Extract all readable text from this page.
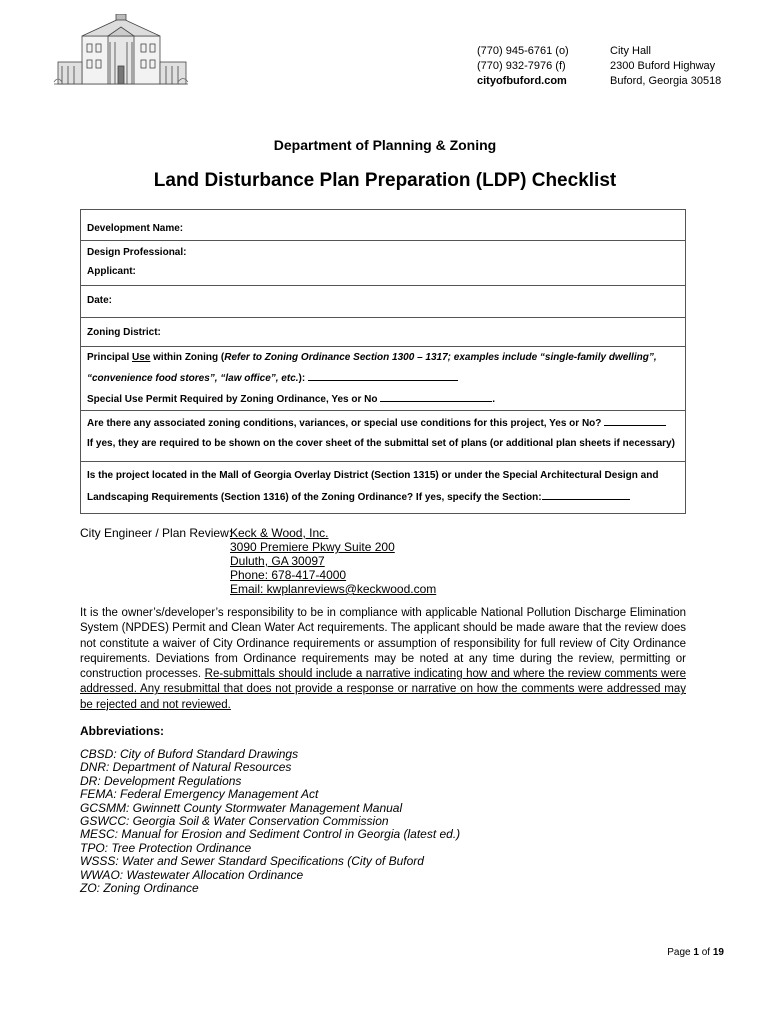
(770) 945-6761 (o)
(770) 932-7976 (f)
cityofbuford.com
City Hall
2300 Buford Highway
Buford, Georgia 30518
Department of Planning & Zoning
Land Disturbance Plan Preparation (LDP) Checklist
Development Name:

Design Professional:
Applicant:

Date:

Zoning District:

Principal Use within Zoning (Refer to Zoning Ordinance Section 1300 – 1317; examples include “single-family dwelling”,
“convenience food stores”, “law office”, etc.):
Special Use Permit Required by Zoning Ordinance, Yes or No	.

Are there any associated zoning conditions, variances, or special use conditions for this project, Yes or No?
If yes, they are required to be shown on the cover sheet of the submittal set of plans (or additional plan sheets if necessary)

Is the project located in the Mall of Georgia Overlay District (Section 1315) or under the Special Architectural Design and
Landscaping Requirements (Section 1316) of the Zoning Ordinance? If yes, specify the Section:
City Engineer / Plan Review:
Keck & Wood, Inc.
3090 Premiere Pkwy Suite 200
Duluth, GA 30097
Phone: 678-417-4000
Email: kwplanreviews@keckwood.com
It is the owner’s/developer’s responsibility to be in compliance with applicable National Pollution Discharge Elimination System (NPDES) Permit and Clean Water Act requirements. The applicant should be made aware that the review does not constitute a waiver of City Ordinance requirements or assumption of responsibility for full review of City Ordinance requirements. Deviations from Ordinance requirements may be noted at any time during the review, permitting or construction processes. Re-submittals should include a narrative indicating how and where the review comments were addressed. Any resubmittal that does not provide a response or narrative on how the comments were addressed may be rejected and not reviewed.
Abbreviations:
CBSD: City of Buford Standard Drawings
DNR: Department of Natural Resources
DR: Development Regulations
FEMA: Federal Emergency Management Act
GCSMM: Gwinnett County Stormwater Management Manual
GSWCC: Georgia Soil & Water Conservation Commission
MESC: Manual for Erosion and Sediment Control in Georgia (latest ed.)
TPO: Tree Protection Ordinance
WSSS: Water and Sewer Standard Specifications (City of Buford
WWAO: Wastewater Allocation Ordinance
ZO: Zoning Ordinance
Page 1 of 19
